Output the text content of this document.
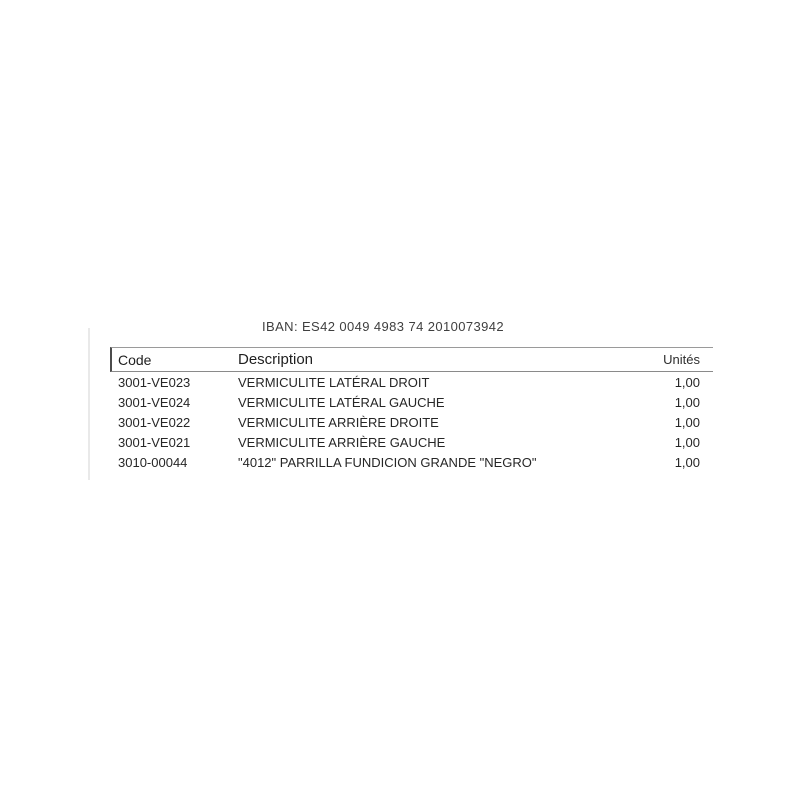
IBAN: ES42 0049 4983 74 2010073942
Code	Description	Unités
3001-VE023	VERMICULITE LATÉRAL DROIT	1,00
3001-VE024	VERMICULITE LATÉRAL GAUCHE	1,00
3001-VE022	VERMICULITE ARRIÈRE DROITE	1,00
3001-VE021	VERMICULITE ARRIÈRE GAUCHE	1,00
3010-00044	"4012" PARRILLA FUNDICION GRANDE "NEGRO"	1,00
